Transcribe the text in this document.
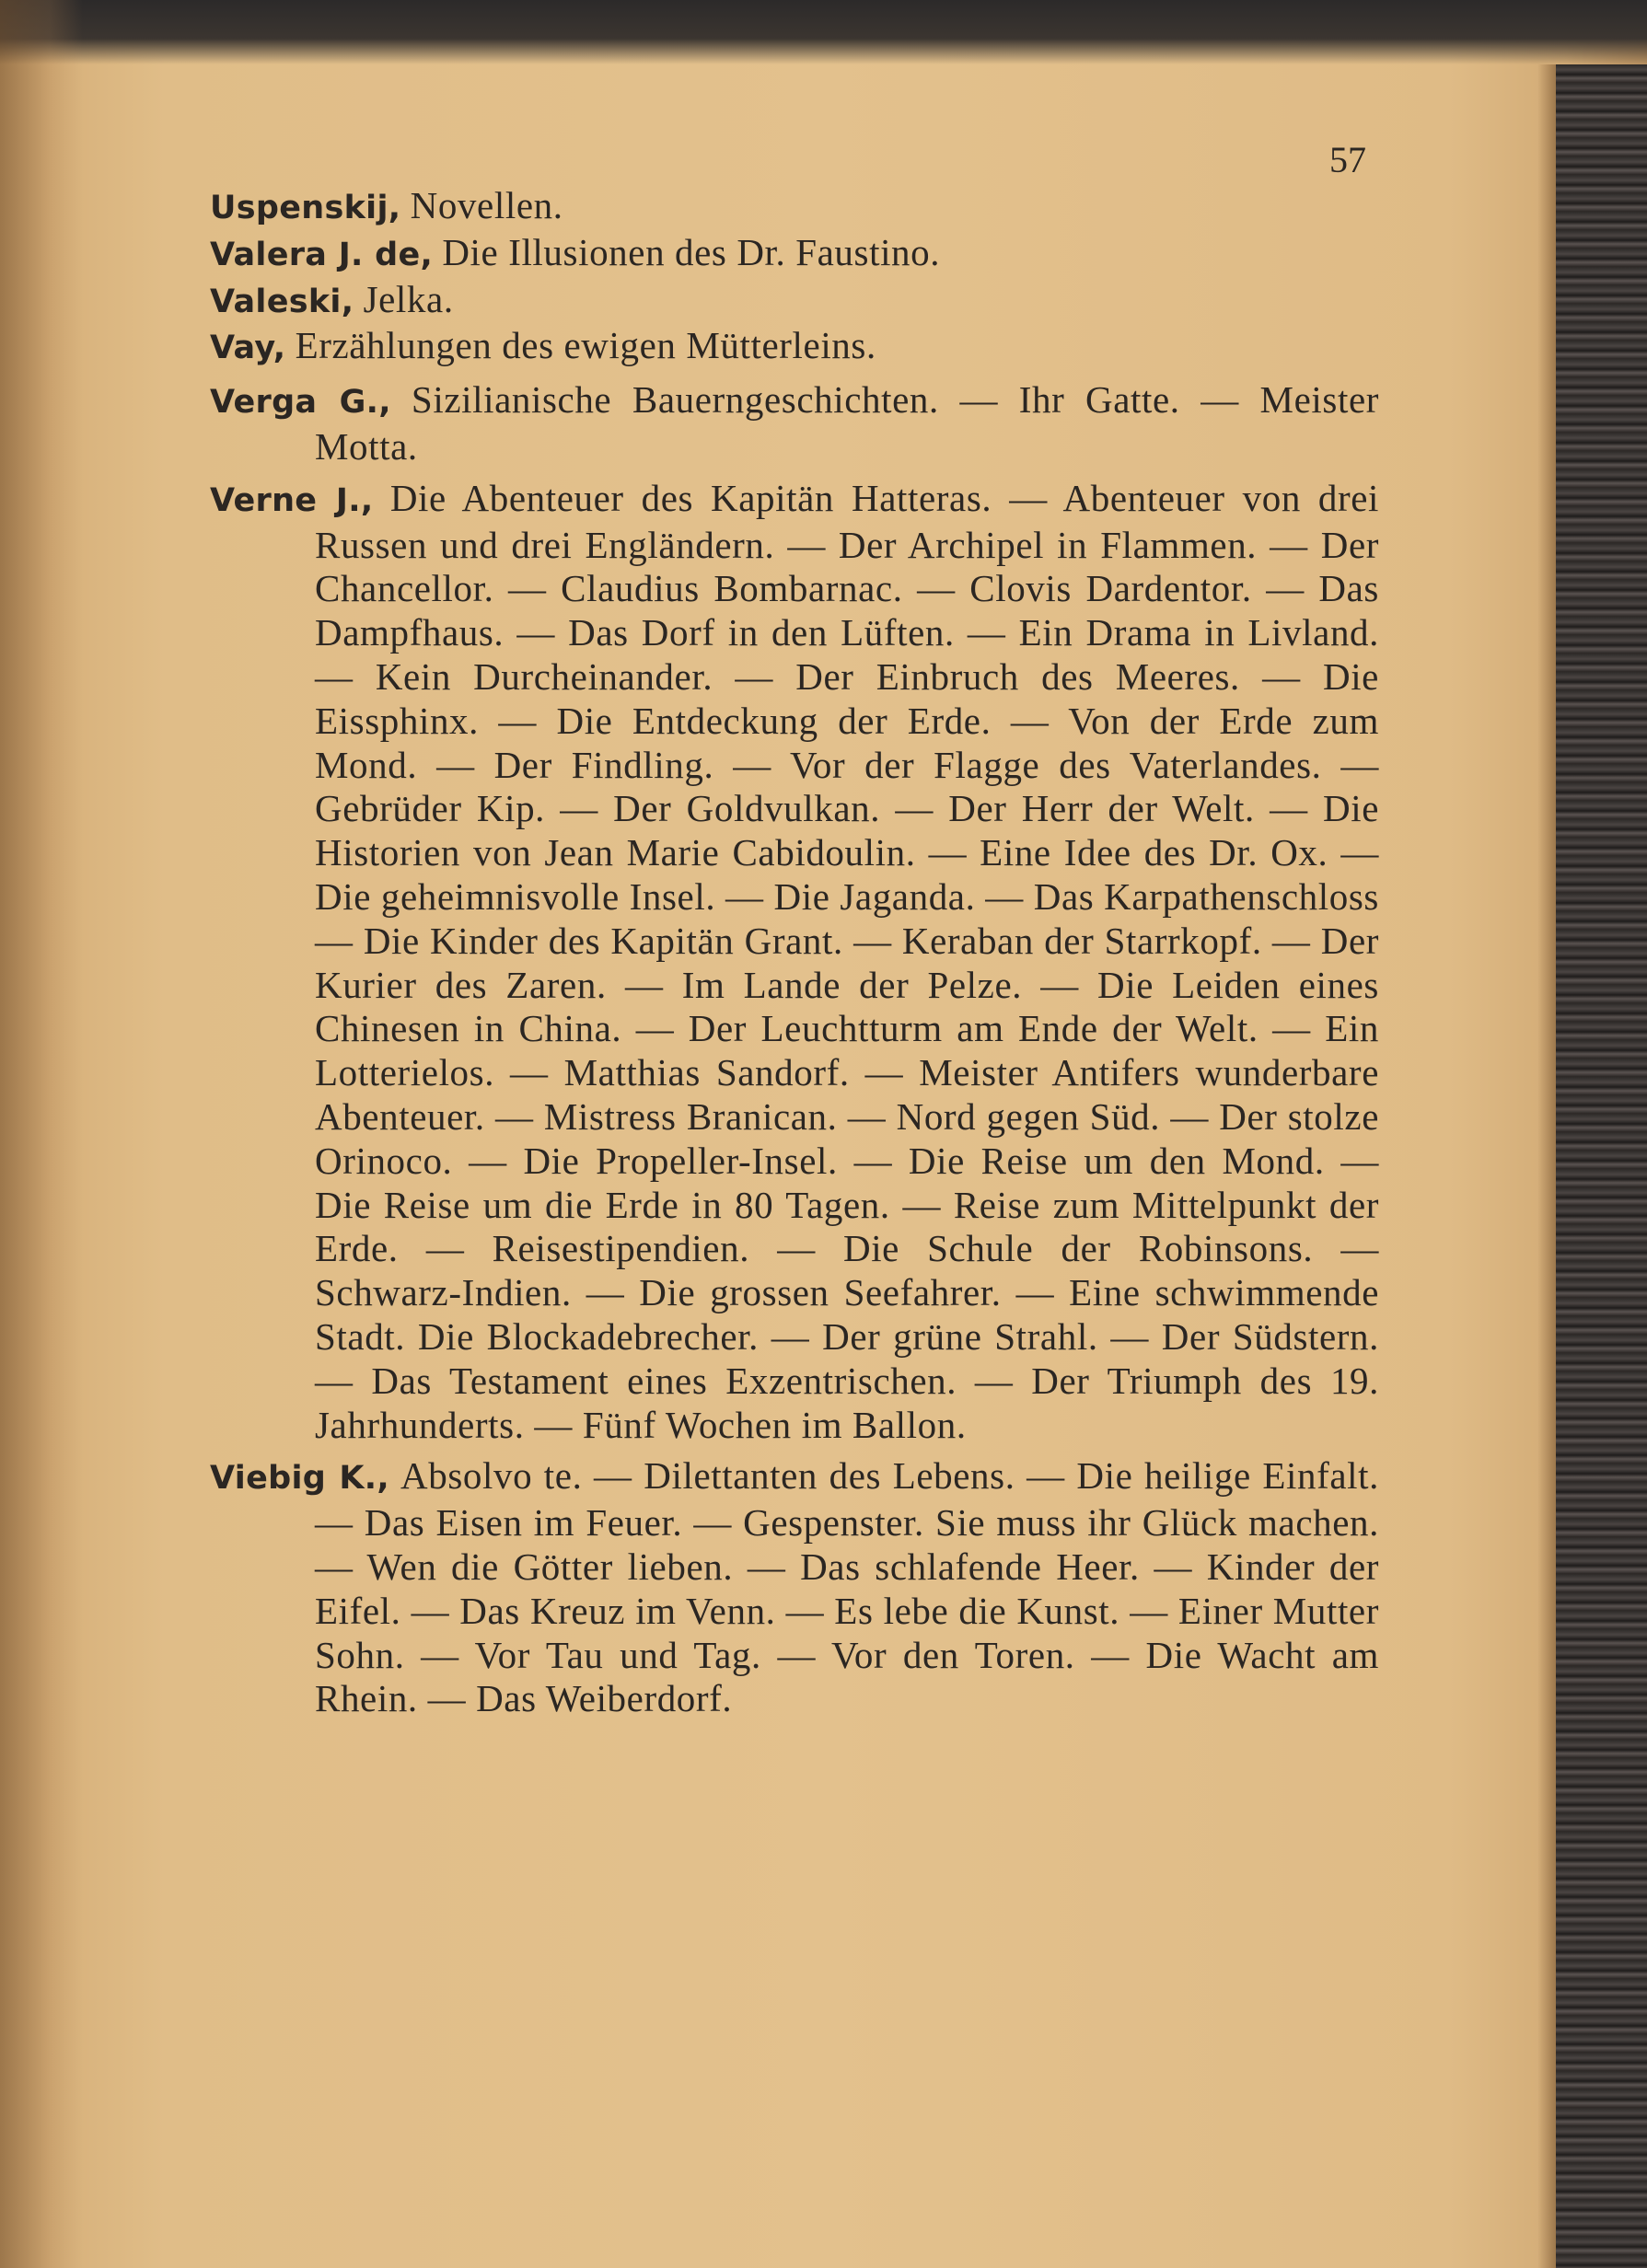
57

Uspenskij, Novellen.

Valera J. de, Die Illusionen des Dr. Faustino.

Valeski, Jelka.

Vay, Erzählungen des ewigen Mütterleins.

Verga G., Sizilianische Bauerngeschichten. — Ihr Gatte. — Meister Motta.

Verne J., Die Abenteuer des Kapitän Hatteras. — Abenteuer von drei Russen und drei Engländern. — Der Archipel in Flammen. — Der Chancellor. — Claudius Bombarnac. — Clovis Dardentor. — Das Dampfhaus. — Das Dorf in den Lüften. — Ein Drama in Livland. — Kein Durcheinander. — Der Einbruch des Meeres. — Die Eissphinx. — Die Entdeckung der Erde. — Von der Erde zum Mond. — Der Findling. — Vor der Flagge des Vaterlandes. — Gebrüder Kip. — Der Goldvulkan. — Der Herr der Welt. — Die Historien von Jean Marie Cabidoulin. — Eine Idee des Dr. Ox. — Die geheimnisvolle Insel. — Die Jaganda. — Das Karpathenschloss — Die Kinder des Kapitän Grant. — Keraban der Starrkopf. — Der Kurier des Zaren. — Im Lande der Pelze. — Die Leiden eines Chinesen in China. — Der Leuchtturm am Ende der Welt. — Ein Lotterielos. — Matthias Sandorf. — Meister Antifers wunderbare Abenteuer. — Mistress Branican. — Nord gegen Süd. — Der stolze Orinoco. — Die Propeller-Insel. — Die Reise um den Mond. — Die Reise um die Erde in 80 Tagen. — Reise zum Mittelpunkt der Erde. — Reisestipendien. — Die Schule der Robinsons. — Schwarz-Indien. — Die grossen Seefahrer. — Eine schwimmende Stadt. Die Blockadebrecher. — Der grüne Strahl. — Der Südstern. — Das Testament eines Exzentrischen. — Der Triumph des 19. Jahrhunderts. — Fünf Wochen im Ballon.

Viebig K., Absolvo te. — Dilettanten des Lebens. — Die heilige Einfalt. — Das Eisen im Feuer. — Gespenster. Sie muss ihr Glück machen. — Wen die Götter lieben. — Das schlafende Heer. — Kinder der Eifel. — Das Kreuz im Venn. — Es lebe die Kunst. — Einer Mutter Sohn. — Vor Tau und Tag. — Vor den Toren. — Die Wacht am Rhein. — Das Weiberdorf.
